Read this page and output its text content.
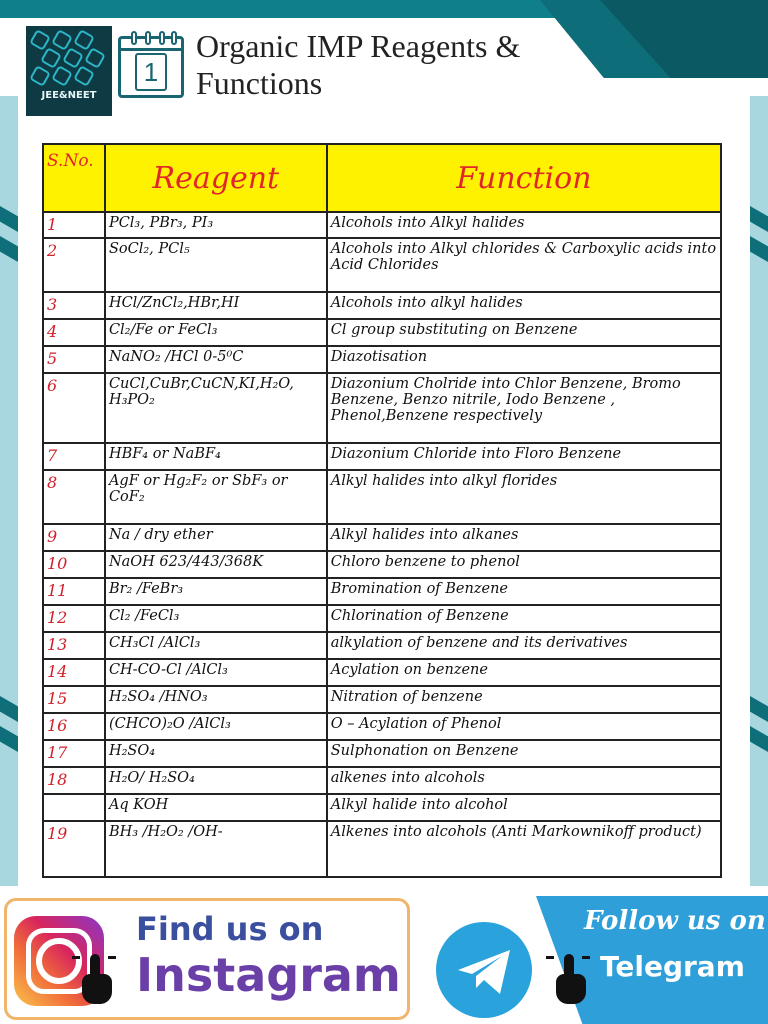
JEE&NEET
1
Organic IMP Reagents & Functions
S.No.	Reagent	Function
1	PCl₃, PBr₃, PI₃	Alcohols into Alkyl halides
2	SoCl₂, PCl₅	Alcohols into Alkyl chlorides & Carboxylic acids into Acid Chlorides
3	HCl/ZnCl₂,HBr,HI	Alcohols into alkyl halides
4	Cl₂/Fe or FeCl₃	Cl group substituting on Benzene
5	NaNO₂ /HCl 0-5⁰C	Diazotisation
6	CuCl,CuBr,CuCN,KI,H₂O, H₃PO₂	Diazonium Cholride into Chlor Benzene, Bromo Benzene, Benzo nitrile, Iodo Benzene , Phenol,Benzene respectively
7	HBF₄ or NaBF₄	Diazonium Chloride into Floro Benzene
8	AgF or Hg₂F₂ or SbF₃ or CoF₂	Alkyl halides into alkyl florides
9	Na / dry ether	Alkyl halides into alkanes
10	NaOH 623/443/368K	Chloro benzene to phenol
11	Br₂ /FeBr₃	Bromination of Benzene
12	Cl₂ /FeCl₃	Chlorination of Benzene
13	CH₃Cl /AlCl₃	alkylation of benzene and its derivatives
14	CH-CO-Cl /AlCl₃	Acylation on benzene
15	H₂SO₄ /HNO₃	Nitration of benzene
16	(CHCO)₂O /AlCl₃	O – Acylation of Phenol
17	H₂SO₄	Sulphonation on Benzene
18	H₂O/ H₂SO₄	alkenes into alcohols
	Aq KOH	Alkyl halide into alcohol
19	BH₃ /H₂O₂ /OH-	Alkenes into alcohols (Anti Markownikoff product)
Find us on
Instagram
Follow us on
Telegram
